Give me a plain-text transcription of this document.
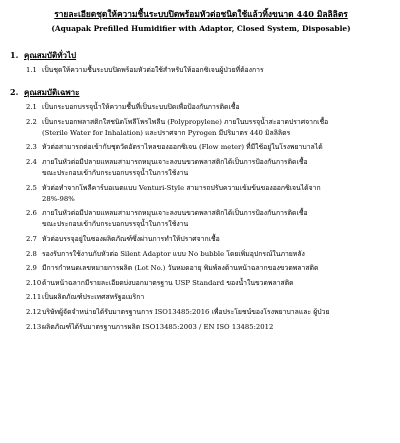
รายละเอียดชุดให้ความชื้นระบบปิดพร้อมหัวต่อชนิดใช้แล้วทิ้งขนาด 440 มิลลิลิตร

(Aquapak Prefilled Humidifier with Adaptor, Closed System, Disposable)

1. คุณสมบัติทั่วไป
1.1 เป็นชุดให้ความชื้นระบบปิดพร้อมหัวต่อใช้สำหรับให้ออกซิเจนผู้ป่วยที่ต้องการ
2. คุณสมบัติเฉพาะ
2.1 เป็นกระบอกบรรจุน้ำให้ความชื้นที่เป็นระบบปิดเพื่อป้องกันการติดเชื้อ
2.2 เป็นกระบอกพลาสติกใสชนิดโพลีโพรไพลีน (Polypropylene) ภายในบรรจุน้ำสะอาดปราศจากเชื้อ
(Sterile Water for Inhalation) และปราศจาก Pyrogen มีปริมาตร 440 มิลลิลิตร
2.3 หัวต่อสามารถต่อเข้ากับชุดวัดอัตราไหลของออกซิเจน (Flow meter) ที่มีใช้อยู่ในโรงพยาบาลได้
2.4 ภายในหัวต่อมีปลายแหลมสามารถหมุนเจาะลงบนขวดพลาสติกได้เป็นการป้องกันการติดเชื้อ
ขณะประกอบเข้ากับกระบอกบรรจุน้ำในการใช้งาน
2.5 หัวต่อทำจากโพลีคาร์บอเนตแบบ Venturi-Style สามารถปรับความเข้มข้นของออกซิเจนได้จาก
28%-98%
2.6 ภายในหัวต่อมีปลายแหลมสามารถหมุนเจาะลงบนขวดพลาสติกได้เป็นการป้องกันการติดเชื้อ
ขณะประกอบเข้ากับกระบอกบรรจุน้ำในการใช้งาน
2.7 หัวต่อบรรจุอยู่ในซองผลิตภัณฑ์ซึ่งผ่านการทำให้ปราศจากเชื้อ
2.8 รองรับการใช้งานกับหัวต่อ Silent Adaptor แบบ No bubble โดยเพิ่มอุปกรณ์ในภายหลัง
2.9 มีการกำหนดเลขหมายการผลิต (Lot No.) วันหมดอายุ พิมพ์ลงด้านหน้าฉลากของขวดพลาสติด
2.10 ด้านหน้าฉลากมีรายละเอียดบ่งบอกมาตรฐาน USP Standard ของน้ำในขวดพลาสติด
2.11 เป็นผลิตภัณฑ์ประเทศสหรัฐอเมริกา
2.12 บริษัทผู้จัดจำหน่ายได้รับมาตรฐานการ ISO13485:2016 เพื่อประโยชน์ของโรงพยาบาลและ ผู้ป่วย
2.13 ผลิตภัณฑ์ได้รับมาตรฐานการผลิต ISO13485:2003 / EN ISO 13485:2012
